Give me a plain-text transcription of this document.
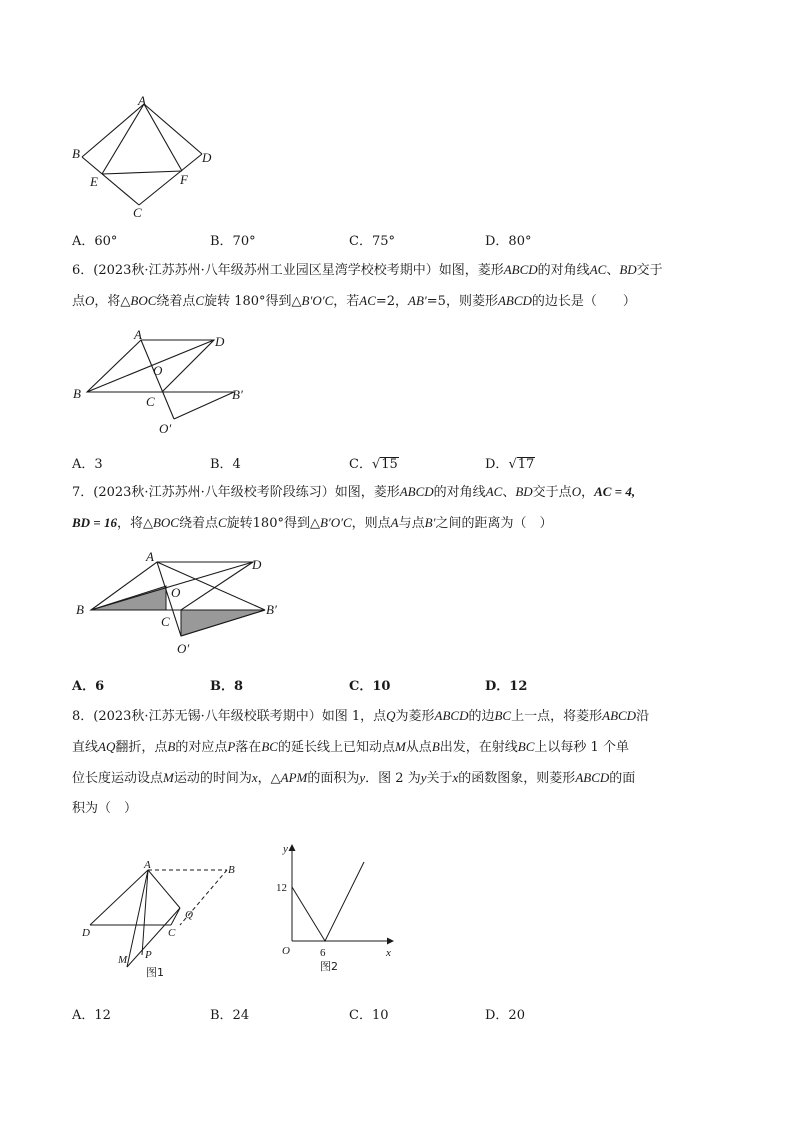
A
B	D
E	F
C
A．60°	B．70°	C．75°	D．80°
6．(2023秋·江苏苏州·八年级苏州工业园区星湾学校校考期中）如图，菱形ABCD的对角线AC、BD交于
点O，将△BOC绕着点C旋转 180°得到△B′O′C，若AC=2，AB′=5，则菱形ABCD的边长是（　　）
A	D
O
B
C	B′
O′
A．3	B．4	C．√15	D．√17
7．(2023秋·江苏苏州·八年级校考阶段练习）如图，菱形ABCD的对角线AC、BD交于点O，AC = 4,
BD = 16，将△BOC绕着点C旋转180°得到△B′O′C，则点A与点B′之间的距离为（　）
A
D
O
B
C
B′
O′
A．6	B．8	C．10	D．12
8．(2023秋·江苏无锡·八年级校联考期中）如图 1，点Q为菱形ABCD的边BC上一点，将菱形ABCD沿
直线AQ翻折，点B的对应点P落在BC的延长线上已知动点M从点B出发，在射线BC上以每秒 1 个单
位长度运动设点M运动的时间为x，△APM的面积为y．图 2 为y关于x的函数图象，则菱形ABCD的面
积为（　）
A	B
Q
D	C
M P
图1
y
x
12
O	6
图2
A．12	B．24	C．10	D．20
